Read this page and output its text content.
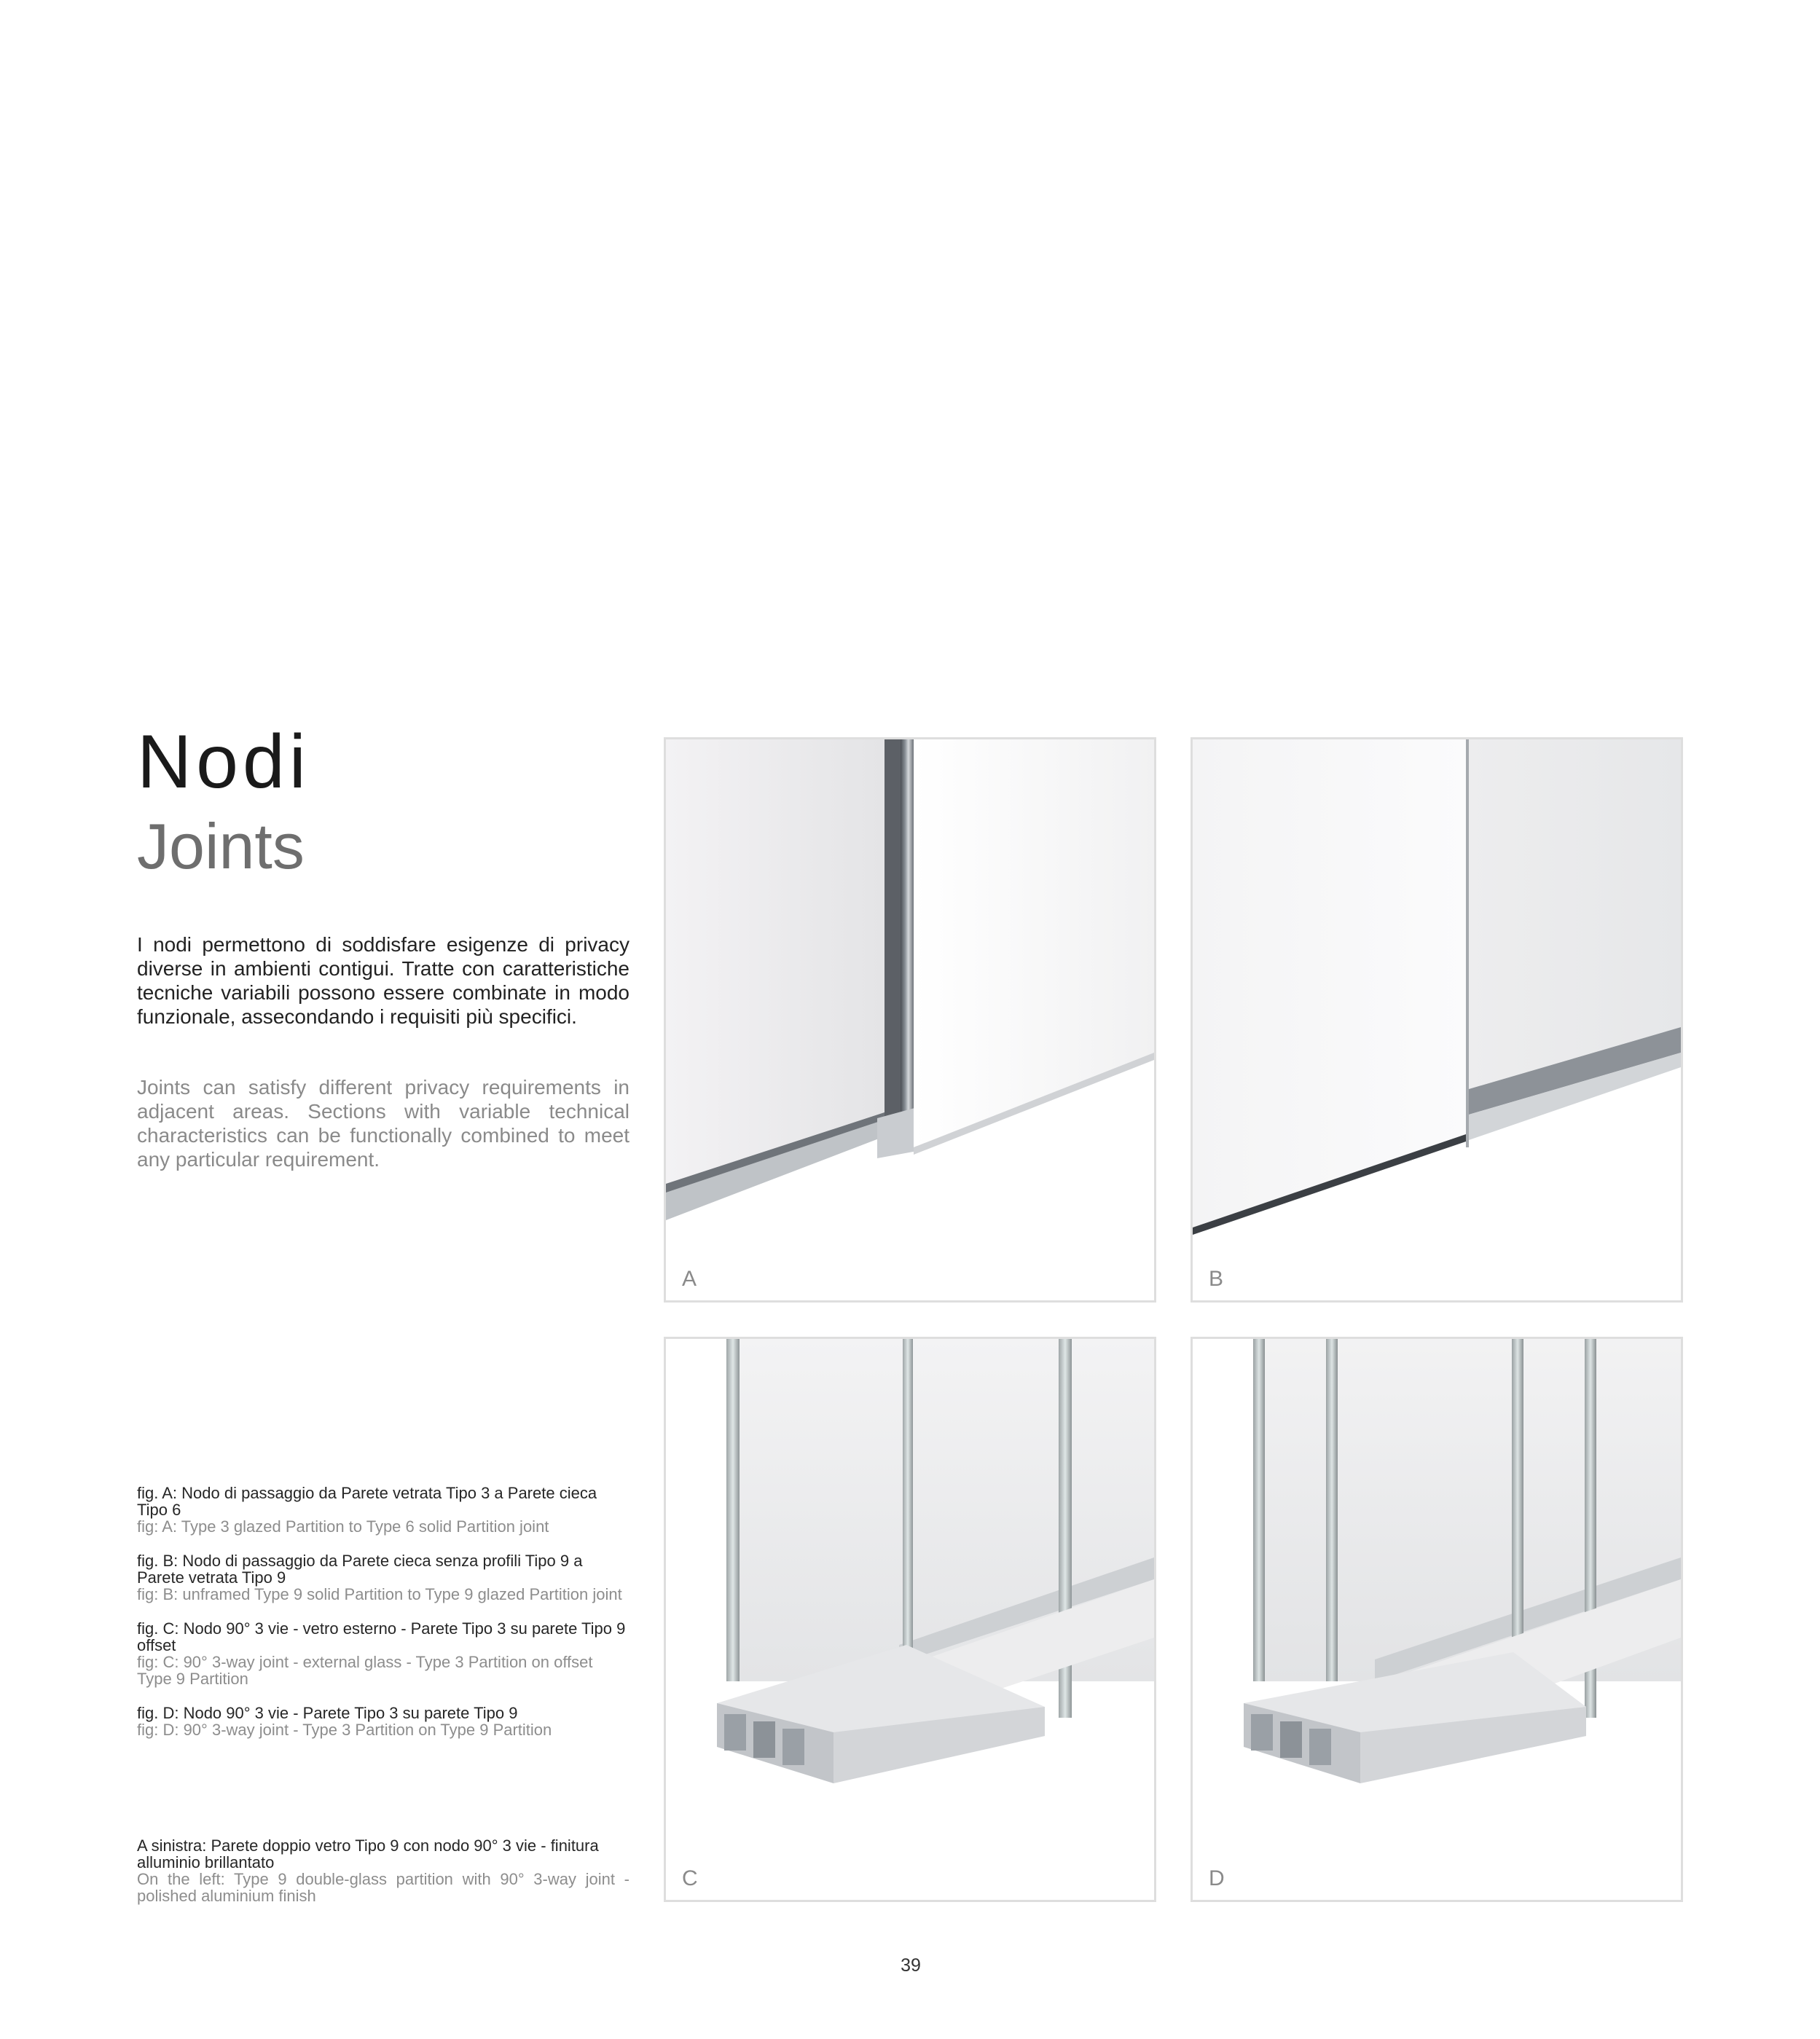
Nodi
Joints

I nodi permettono di soddisfare esigenze di privacy diverse in ambienti contigui. Tratte con caratteristiche tecniche variabili possono essere combinate in modo funzionale, assecondando i requisiti più specifici.

Joints can satisfy different privacy requirements in adjacent areas. Sections with variable technical characteristics can be functionally combined to meet any particular requirement.

fig. A: Nodo di passaggio da Parete vetrata Tipo 3 a Parete cieca Tipo 6

fig: A: Type 3 glazed Partition to Type 6 solid Partition joint

fig. B: Nodo di passaggio da Parete cieca senza profili Tipo 9 a Parete vetrata Tipo 9

fig: B: unframed Type 9 solid Partition to Type 9 glazed Partition joint

fig. C: Nodo 90° 3 vie - vetro esterno - Parete Tipo 3 su parete Tipo 9 offset

fig: C: 90° 3-way joint - external glass - Type 3 Partition on offset Type 9 Partition

fig. D: Nodo 90° 3 vie - Parete Tipo 3 su parete Tipo 9

fig: D: 90° 3-way joint - Type 3 Partition on Type 9 Partition

A sinistra: Parete doppio vetro Tipo 9 con nodo 90° 3 vie - finitura alluminio brillantato

On the left: Type 9 double-glass partition with 90° 3-way joint - polished aluminium finish

A	B
C	D
39
